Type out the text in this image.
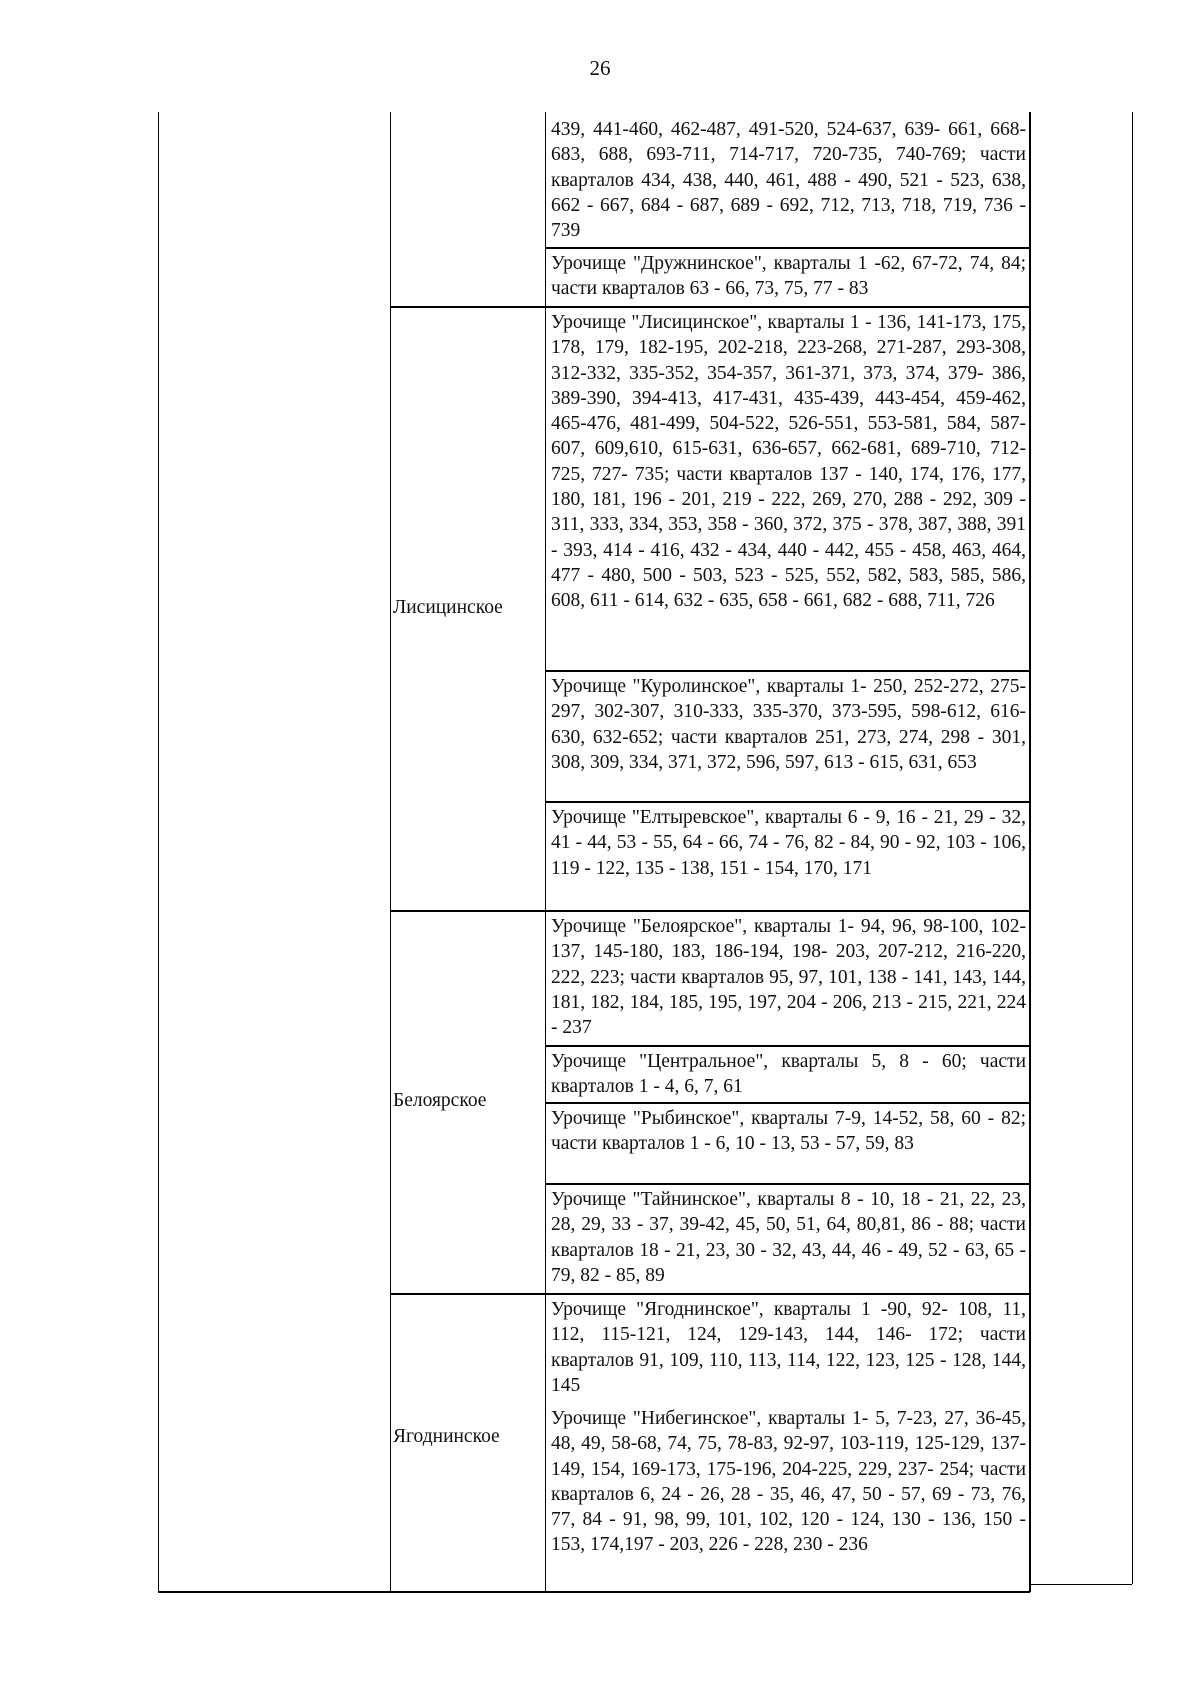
26
Лисицинское
Белоярское
Ягоднинское
439, 441-460, 462-487, 491-520, 524-637, 639- 661, 668-683, 688, 693-711, 714-717, 720-735, 740-769; части кварталов 434, 438, 440, 461, 488 - 490, 521 - 523, 638, 662 - 667, 684 - 687, 689 - 692, 712, 713, 718, 719, 736 - 739
Урочище "Дружнинское", кварталы 1 -62, 67-72, 74, 84; части кварталов 63 - 66, 73, 75, 77 - 83
Урочище "Лисицинское", кварталы 1 - 136, 141-173, 175, 178, 179, 182-195, 202-218, 223-268, 271-287, 293-308, 312-332, 335-352, 354-357, 361-371, 373, 374, 379- 386, 389-390, 394-413, 417-431, 435-439, 443-454, 459-462, 465-476, 481-499, 504-522, 526-551, 553-581, 584, 587-607, 609,610, 615-631, 636-657, 662-681, 689-710, 712-725, 727- 735; части кварталов 137 - 140, 174, 176, 177, 180, 181, 196 - 201, 219 - 222, 269, 270, 288 - 292, 309 - 311, 333, 334, 353, 358 - 360, 372, 375 - 378, 387, 388, 391 - 393, 414 - 416, 432 - 434, 440 - 442, 455 - 458, 463, 464, 477 - 480, 500 - 503, 523 - 525, 552, 582, 583, 585, 586, 608, 611 - 614, 632 - 635, 658 - 661, 682 - 688, 711, 726
Урочище "Куролинское", кварталы 1- 250, 252-272, 275-297, 302-307, 310-333, 335-370, 373-595, 598-612, 616-630, 632-652; части кварталов 251, 273, 274, 298 - 301, 308, 309, 334, 371, 372, 596, 597, 613 - 615, 631, 653
Урочище "Елтыревское", кварталы 6 - 9, 16 - 21, 29 - 32, 41 - 44, 53 - 55, 64 - 66, 74 - 76, 82 - 84, 90 - 92, 103 - 106, 119 - 122, 135 - 138, 151 - 154, 170, 171
Урочище "Белоярское", кварталы 1- 94, 96, 98-100, 102-137, 145-180, 183, 186-194, 198- 203, 207-212, 216-220, 222, 223; части кварталов 95, 97, 101, 138 - 141, 143, 144, 181, 182, 184, 185, 195, 197, 204 - 206, 213 - 215, 221, 224 - 237
Урочище "Центральное", кварталы 5, 8 - 60; части кварталов 1 - 4, 6, 7, 61
Урочище "Рыбинское", кварталы 7-9, 14-52, 58, 60 - 82; части кварталов 1 - 6, 10 - 13, 53 - 57, 59, 83
Урочище "Тайнинское", кварталы 8 - 10, 18 - 21, 22, 23, 28, 29, 33 - 37, 39-42, 45, 50, 51, 64, 80,81, 86 - 88; части кварталов 18 - 21, 23, 30 - 32, 43, 44, 46 - 49, 52 - 63, 65 - 79, 82 - 85, 89
Урочище "Ягоднинское", кварталы 1 -90, 92- 108, 11, 112, 115-121, 124, 129-143, 144, 146- 172; части кварталов 91, 109, 110, 113, 114, 122, 123, 125 - 128, 144, 145
Урочище "Нибегинское", кварталы 1- 5, 7-23, 27, 36-45, 48, 49, 58-68, 74, 75, 78-83, 92-97, 103-119, 125-129, 137-149, 154, 169-173, 175-196, 204-225, 229, 237- 254; части кварталов 6, 24 - 26, 28 - 35, 46, 47, 50 - 57, 69 - 73, 76, 77, 84 - 91, 98, 99, 101, 102, 120 - 124, 130 - 136, 150 - 153, 174,197 - 203, 226 - 228, 230 - 236
